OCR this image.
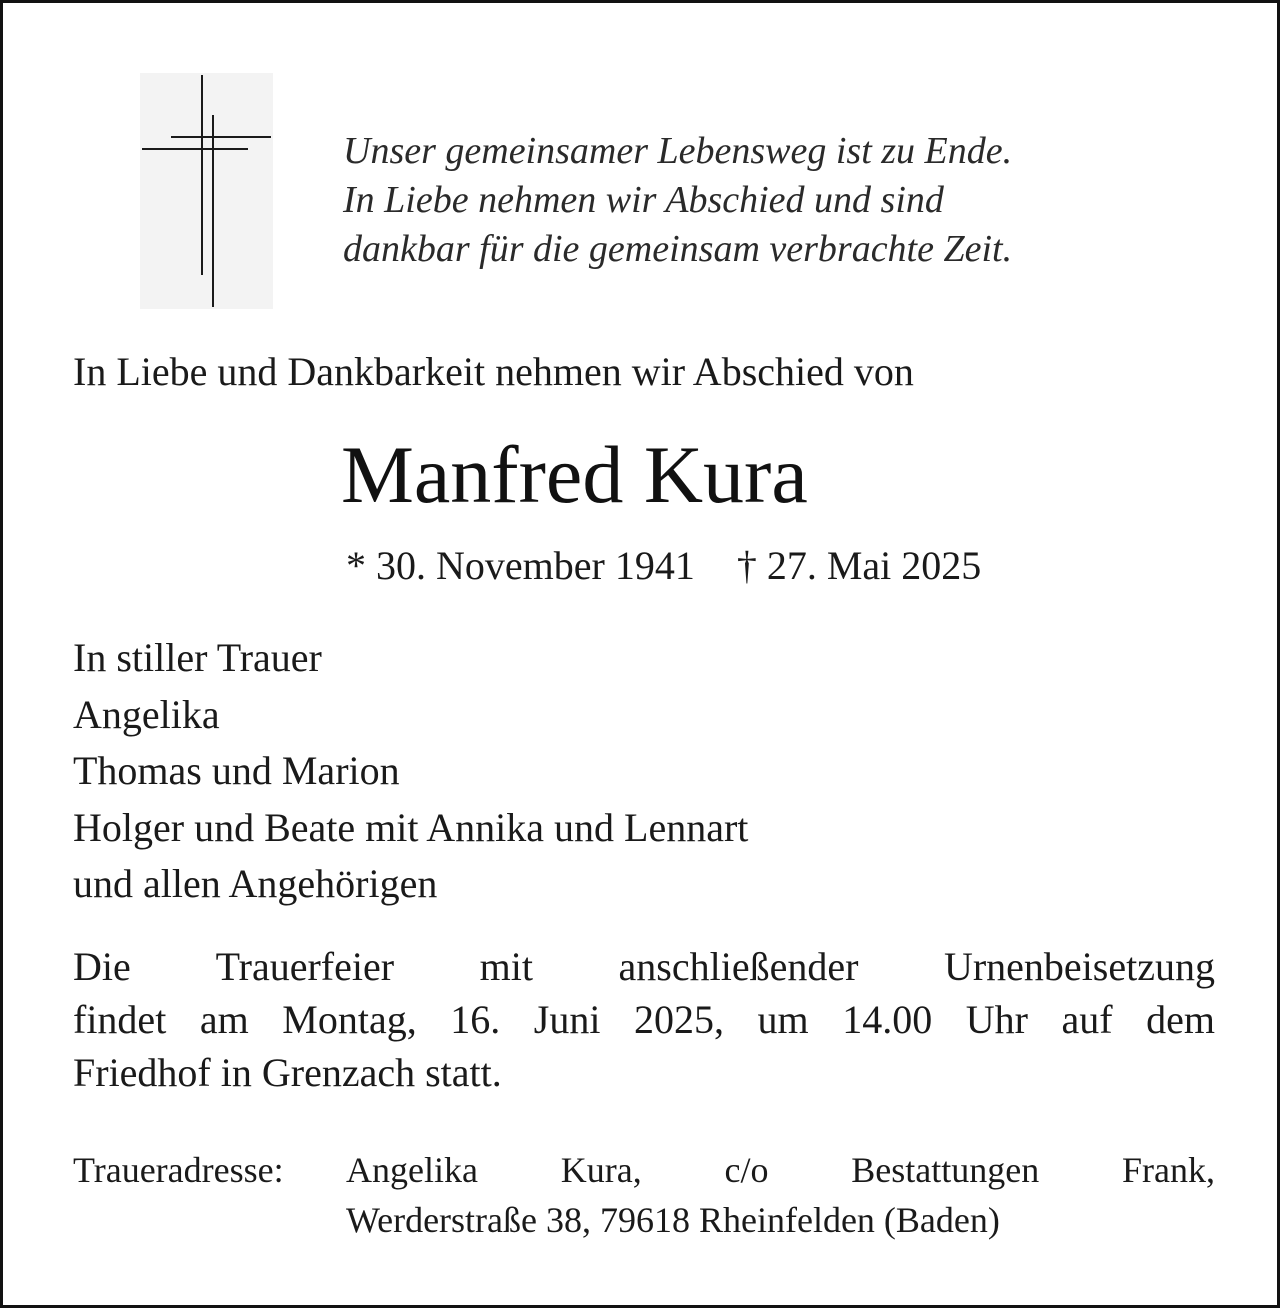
Unser gemeinsamer Lebensweg ist zu Ende.
In Liebe nehmen wir Abschied und sind
dankbar für die gemeinsam verbrachte Zeit.
In Liebe und Dankbarkeit nehmen wir Abschied von
Manfred Kura
* 30. November 1941 † 27. Mai 2025
In stiller Trauer
Angelika
Thomas und Marion
Holger und Beate mit Annika und Lennart
und allen Angehörigen
Die Trauerfeier mit anschließender Urnenbeisetzung
findet am Montag, 16. Juni 2025, um 14.00 Uhr auf dem
Friedhof in Grenzach statt.
Traueradresse: Angelika Kura, c/o Bestattungen Frank,
Werderstraße 38, 79618 Rheinfelden (Baden)
